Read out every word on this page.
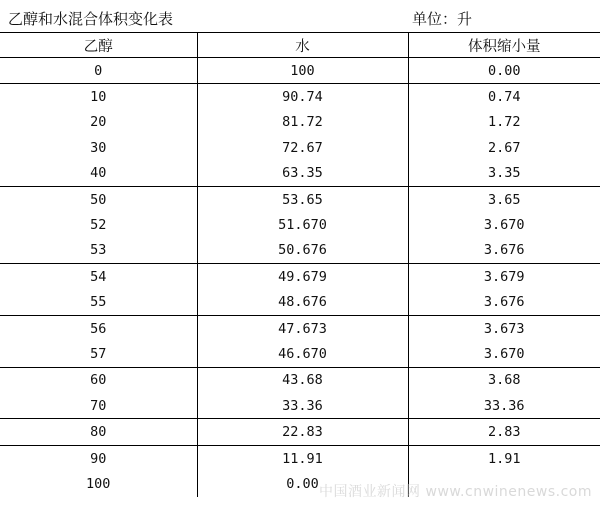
乙醇和水混合体积变化表	单位：升
乙醇	水	体积缩小量
0	100	0.00
10	90.74	0.74
20	81.72	1.72
30	72.67	2.67
40	63.35	3.35
50	53.65	3.65
52	51.670	3.670
53	50.676	3.676
54	49.679	3.679
55	48.676	3.676
56	47.673	3.673
57	46.670	3.670
60	43.68	3.68
70	33.36	33.36
80	22.83	2.83
90	11.91	1.91
100	0.00	
中国酒业新闻网 www.cnwinenews.com
